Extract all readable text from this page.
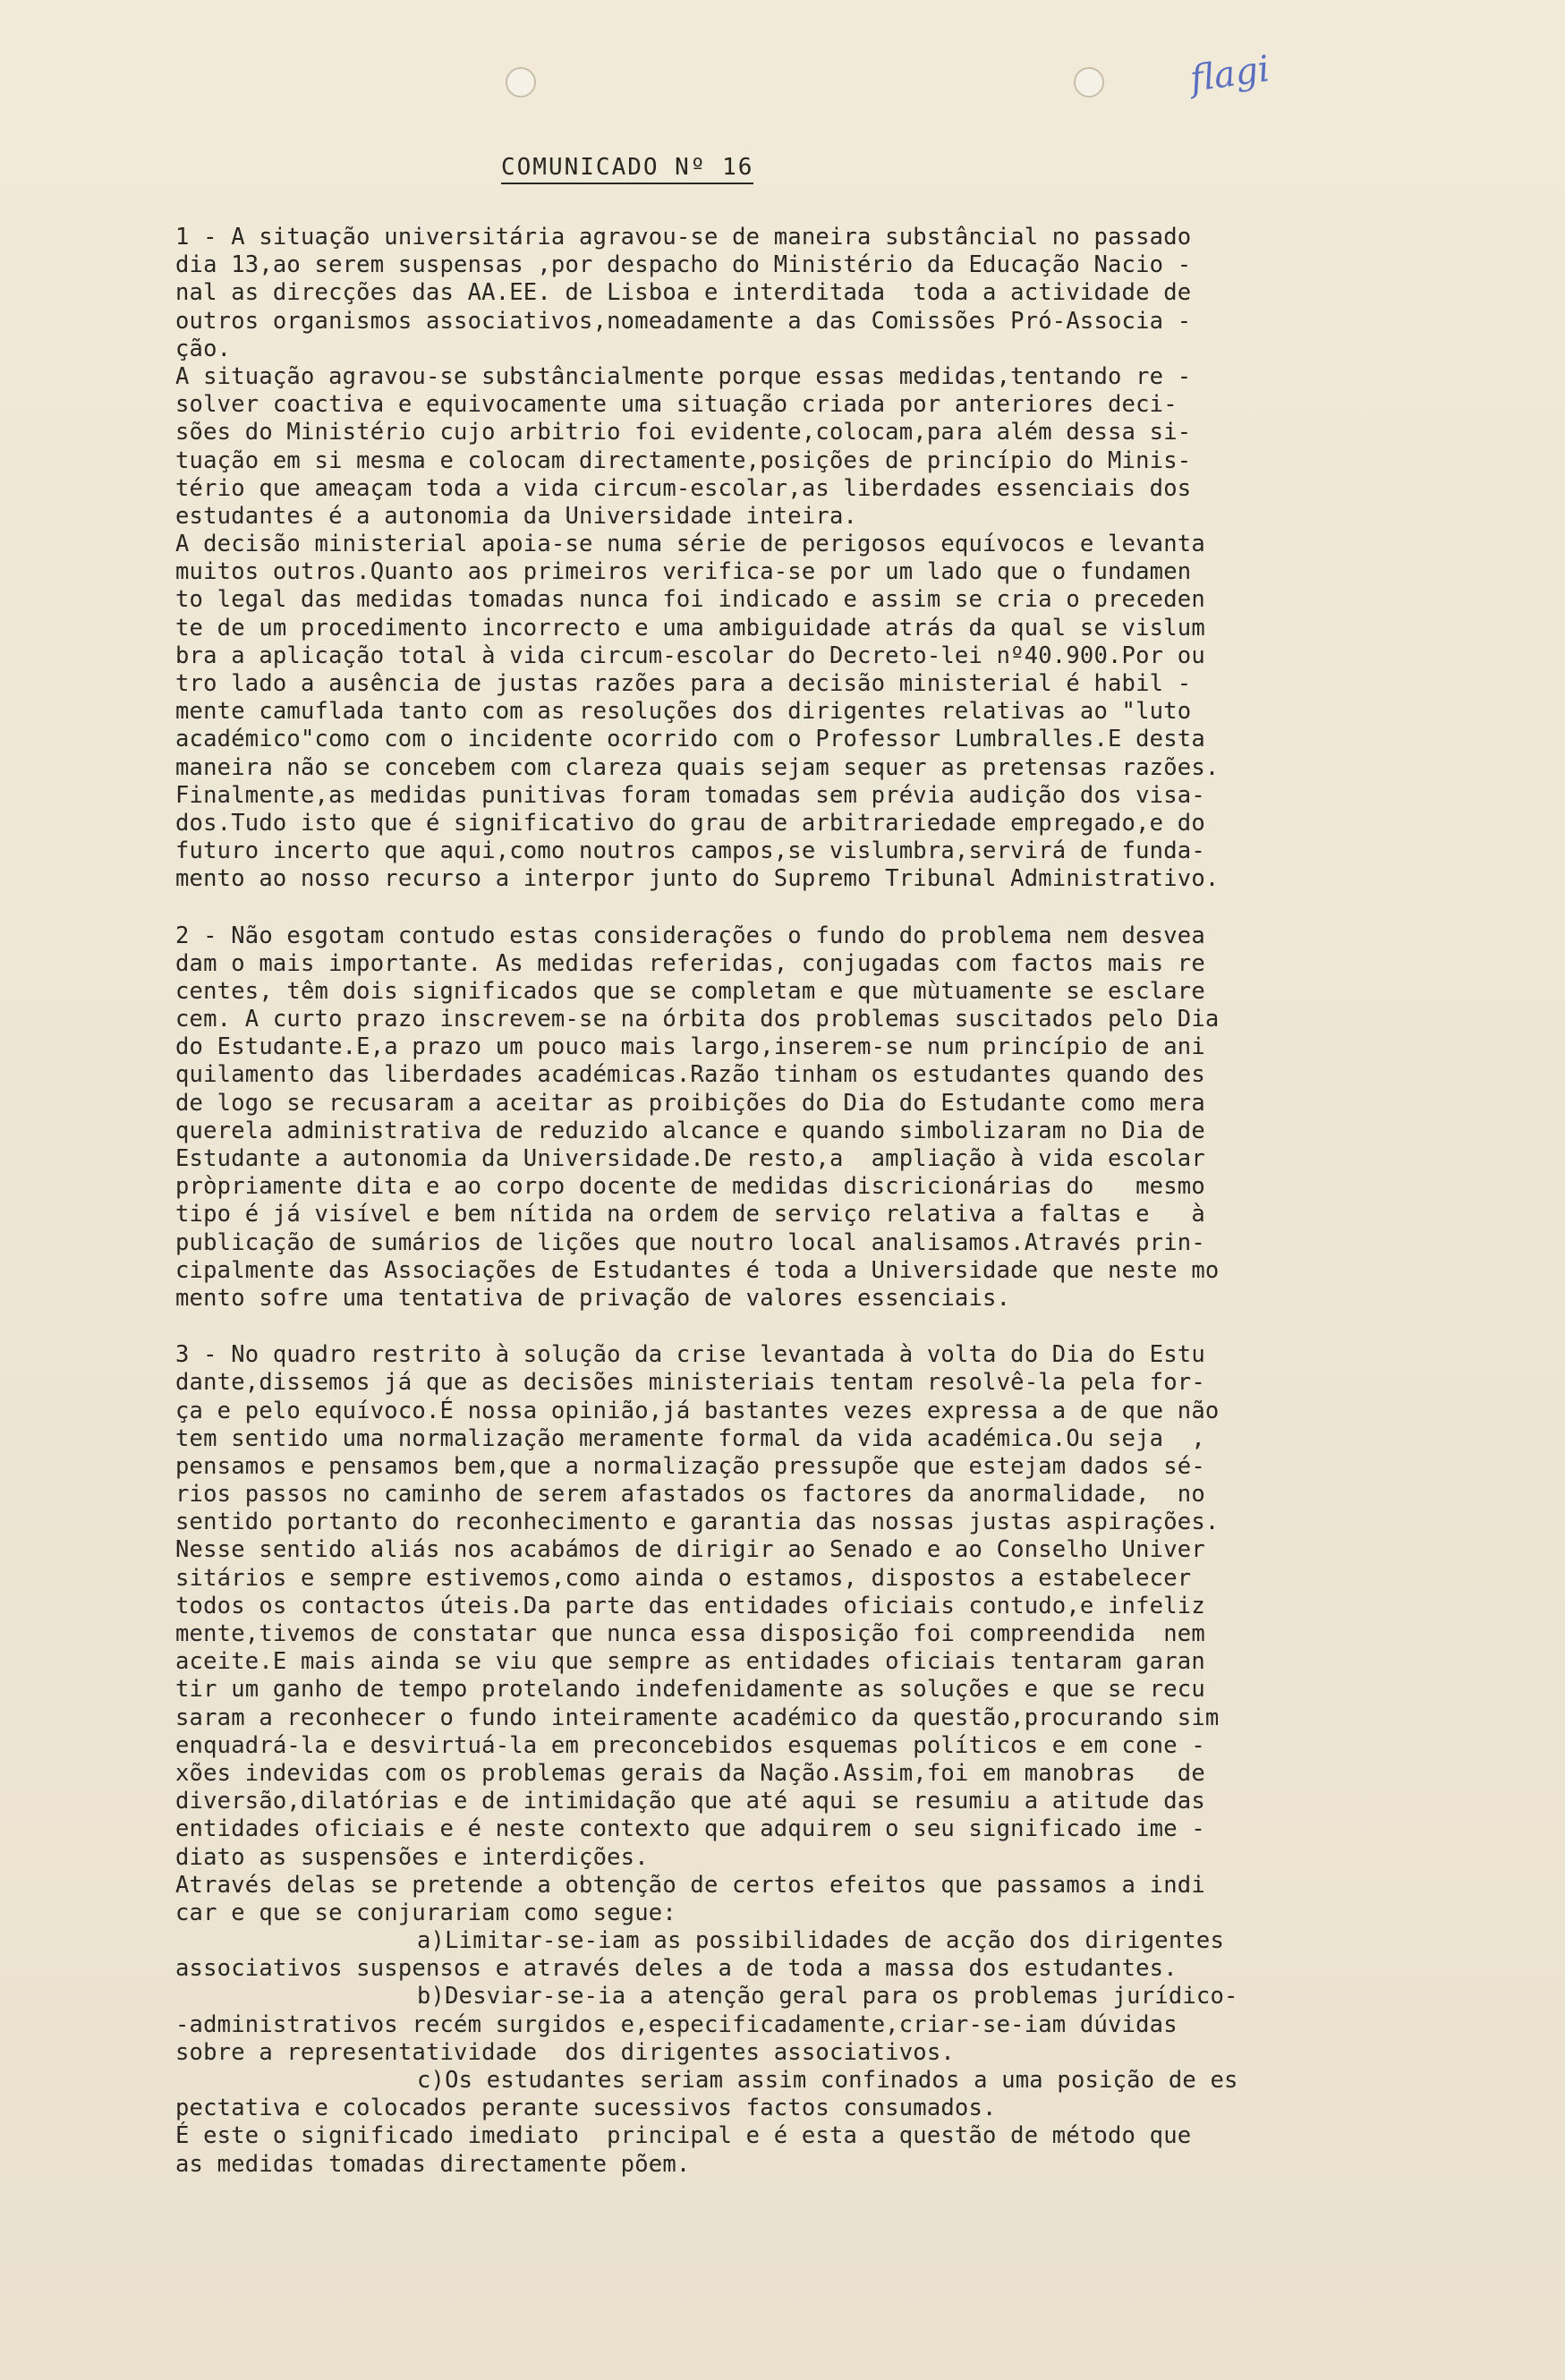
flagi
COMUNICADO Nº 16
1 - A situação universitária agravou-se de maneira substâncial no passado
dia 13,ao serem suspensas ,por despacho do Ministério da Educação Nacio -
nal as direcções das AA.EE. de Lisboa e interditada  toda a actividade de
outros organismos associativos,nomeadamente a das Comissões Pró-Associa -
ção.
A situação agravou-se substâncialmente porque essas medidas,tentando re -
solver coactiva e equivocamente uma situação criada por anteriores deci-
sões do Ministério cujo arbitrio foi evidente,colocam,para além dessa si-
tuação em si mesma e colocam directamente,posições de princípio do Minis-
tério que ameaçam toda a vida circum-escolar,as liberdades essenciais dos
estudantes é a autonomia da Universidade inteira.
A decisão ministerial apoia-se numa série de perigosos equívocos e levanta
muitos outros.Quanto aos primeiros verifica-se por um lado que o fundamen
to legal das medidas tomadas nunca foi indicado e assim se cria o preceden
te de um procedimento incorrecto e uma ambiguidade atrás da qual se vislum
bra a aplicação total à vida circum-escolar do Decreto-lei nº40.900.Por ou
tro lado a ausência de justas razões para a decisão ministerial é habil -
mente camuflada tanto com as resoluções dos dirigentes relativas ao "luto
académico"como com o incidente ocorrido com o Professor Lumbralles.E desta
maneira não se concebem com clareza quais sejam sequer as pretensas razões.
Finalmente,as medidas punitivas foram tomadas sem prévia audição dos visa-
dos.Tudo isto que é significativo do grau de arbitrariedade empregado,e do
futuro incerto que aqui,como noutros campos,se vislumbra,servirá de funda-
mento ao nosso recurso a interpor junto do Supremo Tribunal Administrativo.
2 - Não esgotam contudo estas considerações o fundo do problema nem desvea
dam o mais importante. As medidas referidas, conjugadas com factos mais re
centes, têm dois significados que se completam e que mùtuamente se esclare
cem. A curto prazo inscrevem-se na órbita dos problemas suscitados pelo Dia
do Estudante.E,a prazo um pouco mais largo,inserem-se num princípio de ani
quilamento das liberdades académicas.Razão tinham os estudantes quando des
de logo se recusaram a aceitar as proibições do Dia do Estudante como mera
querela administrativa de reduzido alcance e quando simbolizaram no Dia de
Estudante a autonomia da Universidade.De resto,a  ampliação à vida escolar
pròpriamente dita e ao corpo docente de medidas discricionárias do   mesmo
tipo é já visível e bem nítida na ordem de serviço relativa a faltas e   à
publicação de sumários de lições que noutro local analisamos.Através prin-
cipalmente das Associações de Estudantes é toda a Universidade que neste mo
mento sofre uma tentativa de privação de valores essenciais.
3 - No quadro restrito à solução da crise levantada à volta do Dia do Estu
dante,dissemos já que as decisões ministeriais tentam resolvê-la pela for-
ça e pelo equívoco.É nossa opinião,já bastantes vezes expressa a de que não
tem sentido uma normalização meramente formal da vida académica.Ou seja  ,
pensamos e pensamos bem,que a normalização pressupõe que estejam dados sé-
rios passos no caminho de serem afastados os factores da anormalidade,  no
sentido portanto do reconhecimento e garantia das nossas justas aspirações.
Nesse sentido aliás nos acabámos de dirigir ao Senado e ao Conselho Univer
sitários e sempre estivemos,como ainda o estamos, dispostos a estabelecer
todos os contactos úteis.Da parte das entidades oficiais contudo,e infeliz
mente,tivemos de constatar que nunca essa disposição foi compreendida  nem
aceite.E mais ainda se viu que sempre as entidades oficiais tentaram garan
tir um ganho de tempo protelando indefenidamente as soluções e que se recu
saram a reconhecer o fundo inteiramente académico da questão,procurando sim
enquadrá-la e desvirtuá-la em preconcebidos esquemas políticos e em cone -
xões indevidas com os problemas gerais da Nação.Assim,foi em manobras   de
diversão,dilatórias e de intimidação que até aqui se resumiu a atitude das
entidades oficiais e é neste contexto que adquirem o seu significado ime -
diato as suspensões e interdições.
Através delas se pretende a obtenção de certos efeitos que passamos a indi
car e que se conjurariam como segue:
a)Limitar-se-iam as possibilidades de acção dos dirigentes
associativos suspensos e através deles a de toda a massa dos estudantes.
b)Desviar-se-ia a atenção geral para os problemas jurídico-
-administrativos recém surgidos e,especificadamente,criar-se-iam dúvidas
sobre a representatividade  dos dirigentes associativos.
c)Os estudantes seriam assim confinados a uma posição de es
pectativa e colocados perante sucessivos factos consumados.
É este o significado imediato  principal e é esta a questão de método que
as medidas tomadas directamente põem.
